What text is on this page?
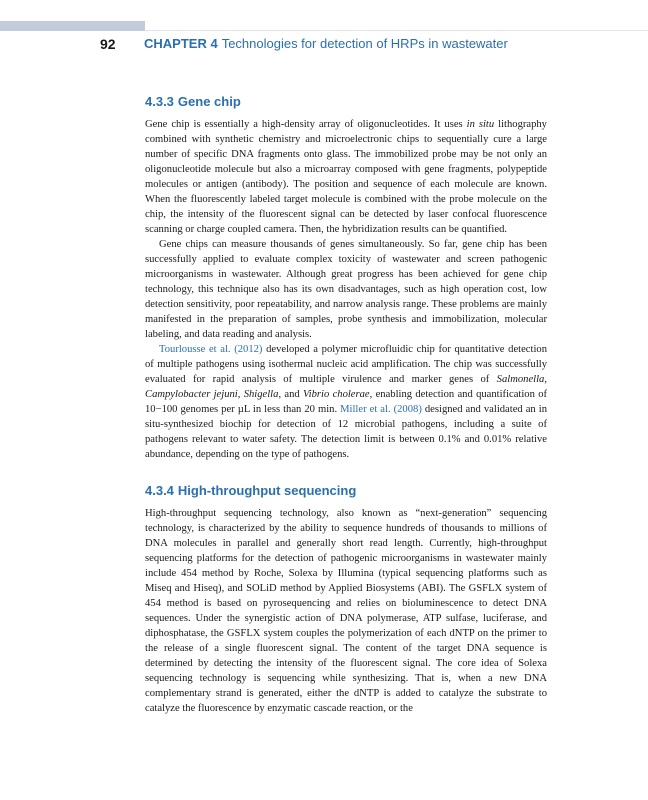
92 CHAPTER 4 Technologies for detection of HRPs in wastewater
4.3.3 Gene chip

Gene chip is essentially a high-density array of oligonucleotides. It uses in situ lithography combined with synthetic chemistry and microelectronic chips to sequentially cure a large number of specific DNA fragments onto glass. The immobilized probe may be not only an oligonucleotide molecule but also a microarray composed with gene fragments, polypeptide molecules or antigen (antibody). The position and sequence of each molecule are known. When the fluorescently labeled target molecule is combined with the probe molecule on the chip, the intensity of the fluorescent signal can be detected by laser confocal fluorescence scanning or charge coupled camera. Then, the hybridization results can be quantified.

Gene chips can measure thousands of genes simultaneously. So far, gene chip has been successfully applied to evaluate complex toxicity of wastewater and screen pathogenic microorganisms in wastewater. Although great progress has been achieved for gene chip technology, this technique also has its own disadvantages, such as high operation cost, low detection sensitivity, poor repeatability, and narrow analysis range. These problems are mainly manifested in the preparation of samples, probe synthesis and immobilization, molecular labeling, and data reading and analysis.

Tourlousse et al. (2012) developed a polymer microfluidic chip for quantitative detection of multiple pathogens using isothermal nucleic acid amplification. The chip was successfully evaluated for rapid analysis of multiple virulence and marker genes of Salmonella, Campylobacter jejuni, Shigella, and Vibrio cholerae, enabling detection and quantification of 10−100 genomes per µL in less than 20 min. Miller et al. (2008) designed and validated an in situ-synthesized biochip for detection of 12 microbial pathogens, including a suite of pathogens relevant to water safety. The detection limit is between 0.1% and 0.01% relative abundance, depending on the type of pathogens.

4.3.4 High-throughput sequencing

High-throughput sequencing technology, also known as “next-generation” sequencing technology, is characterized by the ability to sequence hundreds of thousands to millions of DNA molecules in parallel and generally short read length. Currently, high-throughput sequencing platforms for the detection of pathogenic microorganisms in wastewater mainly include 454 method by Roche, Solexa by Illumina (typical sequencing platforms such as Miseq and Hiseq), and SOLiD method by Applied Biosystems (ABI). The GSFLX system of 454 method is based on pyrosequencing and relies on bioluminescence to detect DNA sequences. Under the synergistic action of DNA polymerase, ATP sulfase, luciferase, and diphosphatase, the GSFLX system couples the polymerization of each dNTP on the primer to the release of a single fluorescent signal. The content of the target DNA sequence is determined by detecting the intensity of the fluorescent signal. The core idea of Solexa sequencing technology is sequencing while synthesizing. That is, when a new DNA complementary strand is generated, either the dNTP is added to catalyze the substrate to catalyze the fluorescence by enzymatic cascade reaction, or the
